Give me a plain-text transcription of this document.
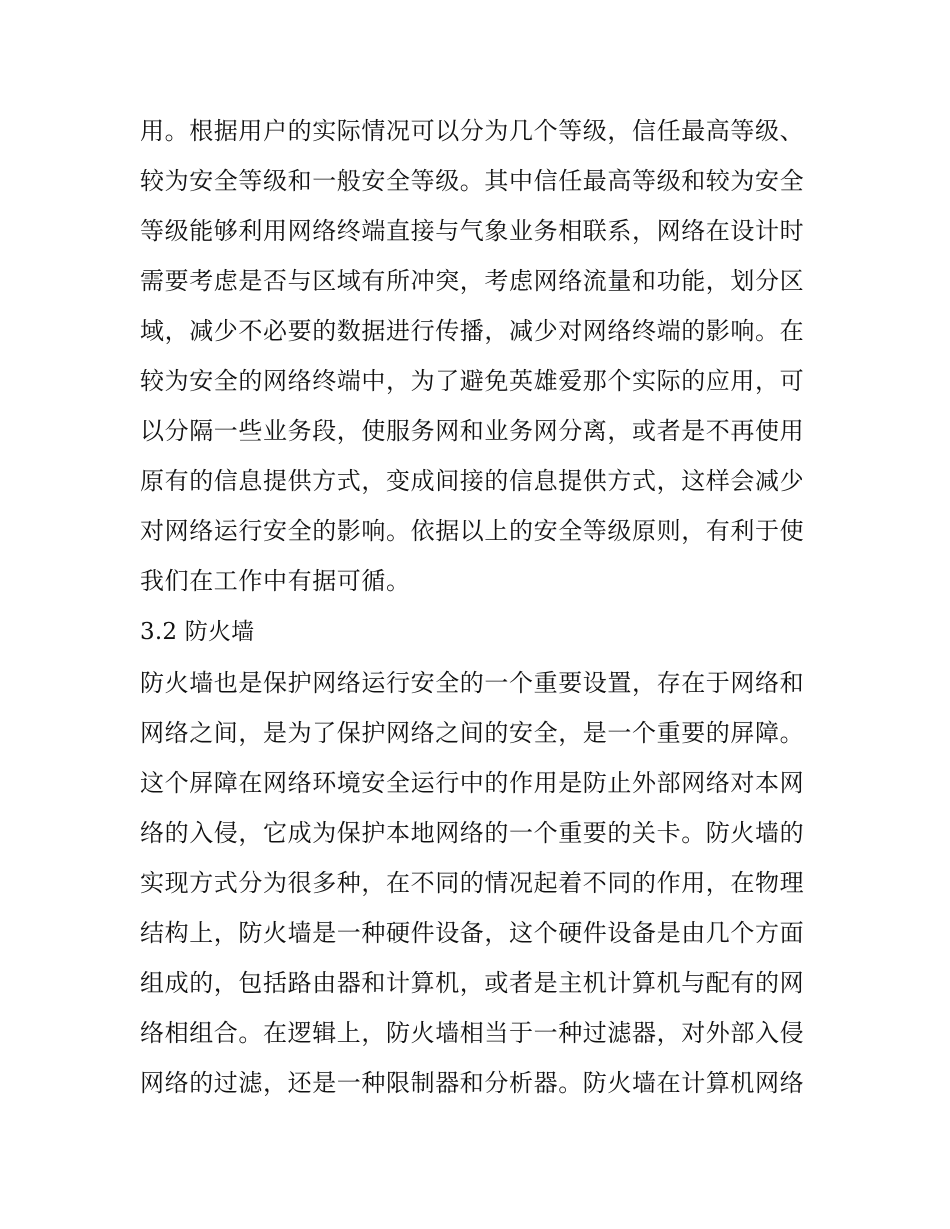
用。根据用户的实际情况可以分为几个等级，信任最高等级、
较为安全等级和一般安全等级。其中信任最高等级和较为安全
等级能够利用网络终端直接与气象业务相联系，网络在设计时
需要考虑是否与区域有所冲突，考虑网络流量和功能，划分区
域，减少不必要的数据进行传播，减少对网络终端的影响。在
较为安全的网络终端中，为了避免英雄爱那个实际的应用，可
以分隔一些业务段，使服务网和业务网分离，或者是不再使用
原有的信息提供方式，变成间接的信息提供方式，这样会减少
对网络运行安全的影响。依据以上的安全等级原则，有利于使
我们在工作中有据可循。
3.2 防火墙
防火墙也是保护网络运行安全的一个重要设置，存在于网络和
网络之间，是为了保护网络之间的安全，是一个重要的屏障。
这个屏障在网络环境安全运行中的作用是防止外部网络对本网
络的入侵，它成为保护本地网络的一个重要的关卡。防火墙的
实现方式分为很多种，在不同的情况起着不同的作用，在物理
结构上，防火墙是一种硬件设备，这个硬件设备是由几个方面
组成的，包括路由器和计算机，或者是主机计算机与配有的网
络相组合。在逻辑上，防火墙相当于一种过滤器，对外部入侵
网络的过滤，还是一种限制器和分析器。防火墙在计算机网络
